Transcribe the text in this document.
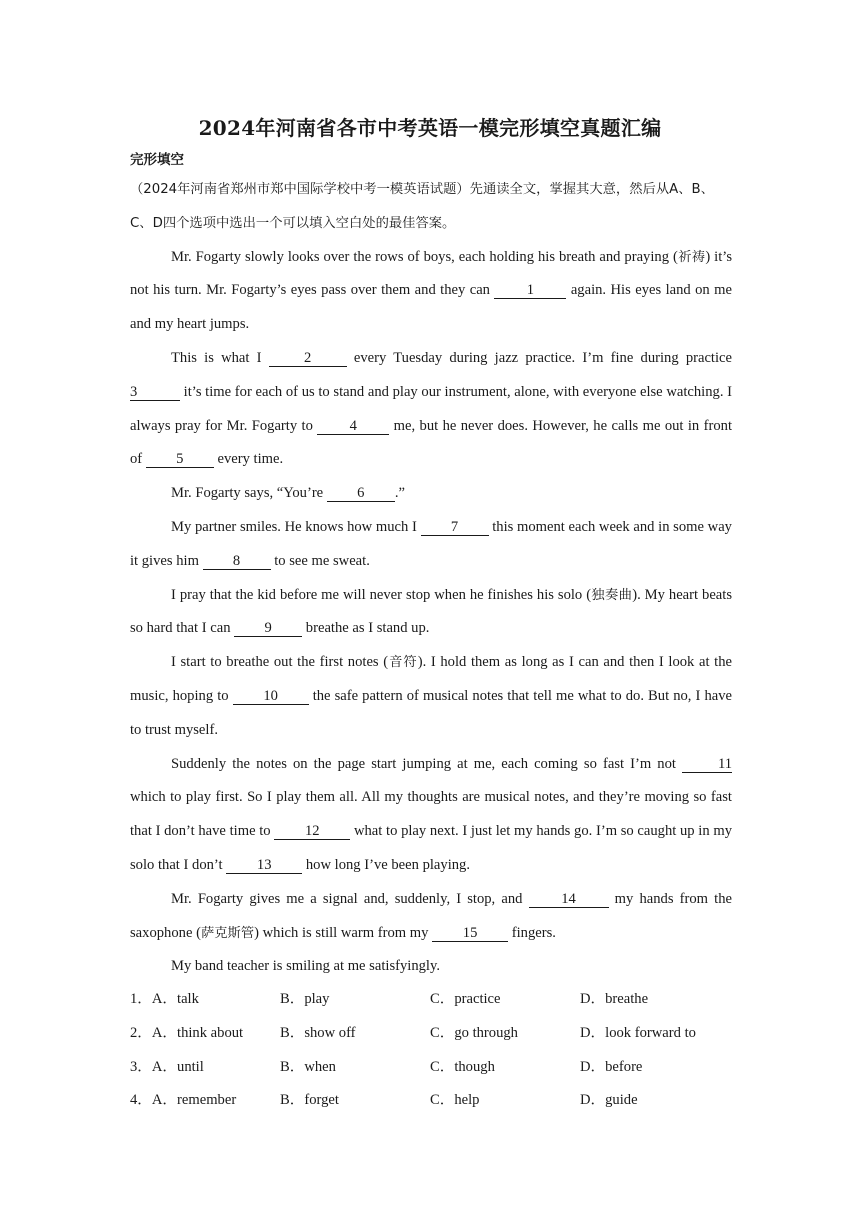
2024年河南省各市中考英语一模完形填空真题汇编
完形填空

（2024年河南省郑州市郑中国际学校中考一模英语试题）先通读全文，掌握其大意，然后从A、B、C、D四个选项中选出一个可以填入空白处的最佳答案。

Mr. Fogarty slowly looks over the rows of boys, each holding his breath and praying (祈祷) it’s not his turn. Mr. Fogarty’s eyes pass over them and they can 1 again. His eyes land on me and my heart jumps.

This is what I 2 every Tuesday during jazz practice. I’m fine during practice 3	it’s time for each of us to stand and play our instrument, alone, with everyone else watching. I always pray for Mr. Fogarty to 4 me, but he never does. However, he calls me out in front of 5 every time.

Mr. Fogarty says, “You’re 6 .”

My partner smiles. He knows how much I 7 this moment each week and in some way it gives him 8 to see me sweat.

I pray that the kid before me will never stop when he finishes his solo (独奏曲). My heart beats so hard that I can 9 breathe as I stand up.

I start to breathe out the first notes (音符). I hold them as long as I can and then I look at the music, hoping to 10 the safe pattern of musical notes that tell me what to do. But no, I have to trust myself.

Suddenly the notes on the page start jumping at me, each coming so fast I’m not 11 which to play first. So I play them all. All my thoughts are musical notes, and they’re moving so fast that I don’t have time to 12 what to play next. I just let my hands go. I’m so caught up in my solo that I don’t 13 how long I’ve been playing.

Mr. Fogarty gives me a signal and, suddenly, I stop, and 14 my hands from the saxophone (萨克斯管) which is still warm from my 15 fingers.

My band teacher is smiling at me satisfyingly.

1．A．talk	B．play	C．practice	D．breathe
2．A．think about	B．show off	C．go through	D．look forward to
3．A．until	B．when	C．though	D．before
4．A．remember	B．forget	C．help	D．guide
